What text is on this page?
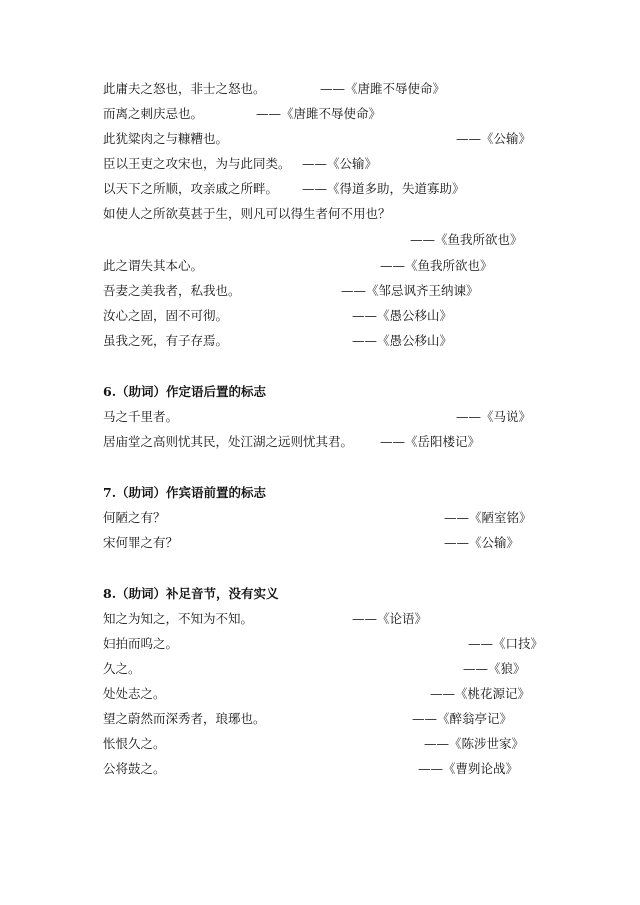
此庸夫之怒也，非士之怒也。	——《唐雎不辱使命》
而离之刺庆忌也。	——《唐雎不辱使命》
此犹粱肉之与糠糟也。	——《公输》
臣以王吏之攻宋也，为与此同类。 ——《公输》
以天下之所顺，攻亲戚之所畔。 ——《得道多助，失道寡助》
如使人之所欲莫甚于生，则凡可以得生者何不用也？
——《鱼我所欲也》
此之谓失其本心。	——《鱼我所欲也》
吾妻之美我者，私我也。	——《邹忌讽齐王纳谏》
汝心之固，固不可彻。	——《愚公移山》
虽我之死，有子存焉。	——《愚公移山》
6.（助词）作定语后置的标志
马之千里者。	——《马说》
居庙堂之高则忧其民，处江湖之远则忧其君。 ——《岳阳楼记》
7.（助词）作宾语前置的标志
何陋之有？	——《陋室铭》
宋何罪之有？	——《公输》
8.（助词）补足音节，没有实义
知之为知之，不知为不知。	——《论语》
妇拍而呜之。	——《口技》
久之。	——《狼》
处处志之。	——《桃花源记》
望之蔚然而深秀者，琅琊也。	——《醉翁亭记》
怅恨久之。	——《陈涉世家》
公将鼓之。	——《曹刿论战》
